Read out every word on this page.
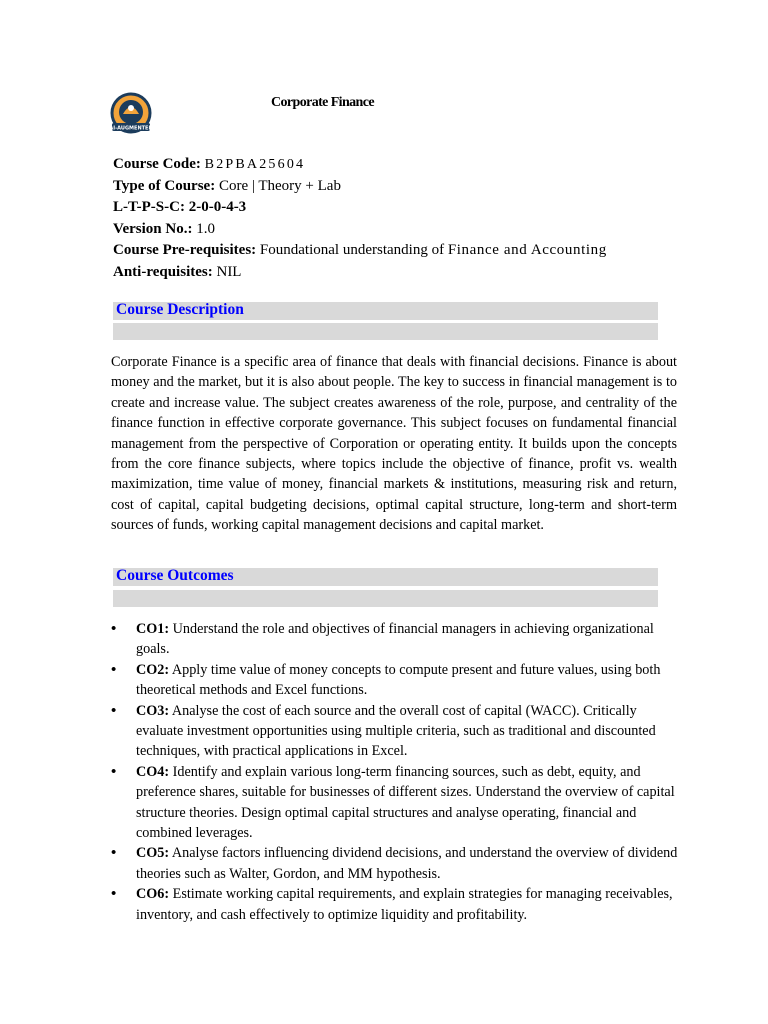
AI-AUGMENTED
Corporate Finance
Course Code: B2PBA25604
Type of Course: Core | Theory + Lab
L-T-P-S-C: 2-0-0-4-3
Version No.: 1.0
Course Pre-requisites: Foundational understanding of Finance and Accounting
Anti-requisites: NIL
Course Description
Corporate Finance is a specific area of finance that deals with financial decisions. Finance is about money and the market, but it is also about people. The key to success in financial management is to create and increase value. The subject creates awareness of the role, purpose, and centrality of the finance function in effective corporate governance. This subject focuses on fundamental financial management from the perspective of Corporation or operating entity. It builds upon the concepts from the core finance subjects, where topics include the objective of finance, profit vs. wealth maximization, time value of money, financial markets & institutions, measuring risk and return, cost of capital, capital budgeting decisions, optimal capital structure, long-term and short-term sources of funds, working capital management decisions and capital market.
Course Outcomes
• CO1: Understand the role and objectives of financial managers in achieving organizational goals.
• CO2: Apply time value of money concepts to compute present and future values, using both theoretical methods and Excel functions.
• CO3: Analyse the cost of each source and the overall cost of capital (WACC). Critically evaluate investment opportunities using multiple criteria, such as traditional and discounted techniques, with practical applications in Excel.
• CO4: Identify and explain various long-term financing sources, such as debt, equity, and preference shares, suitable for businesses of different sizes. Understand the overview of capital structure theories. Design optimal capital structures and analyse operating, financial and combined leverages.
• CO5: Analyse factors influencing dividend decisions, and understand the overview of dividend theories such as Walter, Gordon, and MM hypothesis.
• CO6: Estimate working capital requirements, and explain strategies for managing receivables, inventory, and cash effectively to optimize liquidity and profitability.
